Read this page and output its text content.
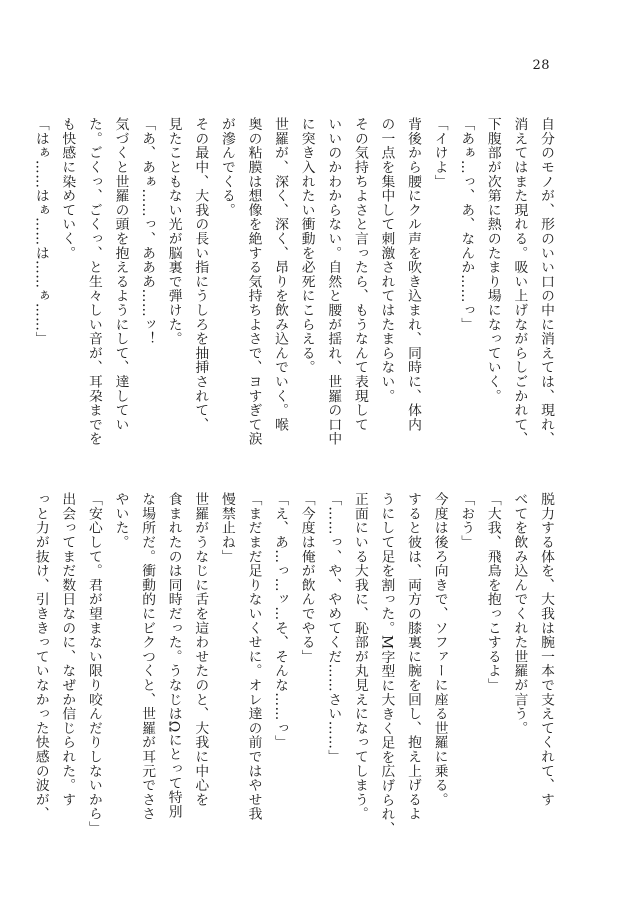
28
自分のモノが、形のいい口の中に消えては、現れ、
消えてはまた現れる。吸い上げながらしごかれて、
下腹部が次第に熱のたまり場になっていく。
「あぁ…っ、あ、なんか……っ」
「イけよ」
背後から腰にクル声を吹き込まれ、同時に、体内
の一点を集中して刺激されてはたまらない。
その気持ちよさと言ったら、もうなんて表現して
いいのかわからない。自然と腰が揺れ、世羅の口中
に突き入れたい衝動を必死にこらえる。
世羅が、深く、深く、昂りを飲み込んでいく。喉
奥の粘膜は想像を絶する気持ちよさで、ヨすぎて涙
が滲んでくる。
その最中、大我の長い指にうしろを抽挿されて、
見たこともない光が脳裏で弾けた。
「あ、あぁ……っ、あああ……ッ！
気づくと世羅の頭を抱えるようにして、達してい
た。ごくっ、ごくっ、と生々しい音が、耳朶までを
も快感に染めていく。
「はぁ……はぁ……は……ぁ……」
脱力する体を、大我は腕一本で支えてくれて、す
べてを飲み込んでくれた世羅が言う。
「大我、飛鳥を抱っこするよ」
「おう」
今度は後ろ向きで、ソファーに座る世羅に乗る。
すると彼は、両方の膝裏に腕を回し、抱え上げるよ
うにして足を割った。M字型に大きく足を広げられ、
正面にいる大我に、恥部が丸見えになってしまう。
「……っ、や、やめてくだ……さい……」
「今度は俺が飲んでやる」
「え、あ…っ…ッ…そ、そんな……っ」
「まだまだ足りないくせに。オレ達の前ではやせ我
慢禁止ね」
世羅がうなじに舌を這わせたのと、大我に中心を
食まれたのは同時だった。うなじはΩにとって特別
な場所だ。衝動的にビクつくと、世羅が耳元でささ
やいた。
「安心して。君が望まない限り咬んだりしないから」
出会ってまだ数日なのに、なぜか信じられた。す
っと力が抜け、引ききっていなかった快感の波が、
